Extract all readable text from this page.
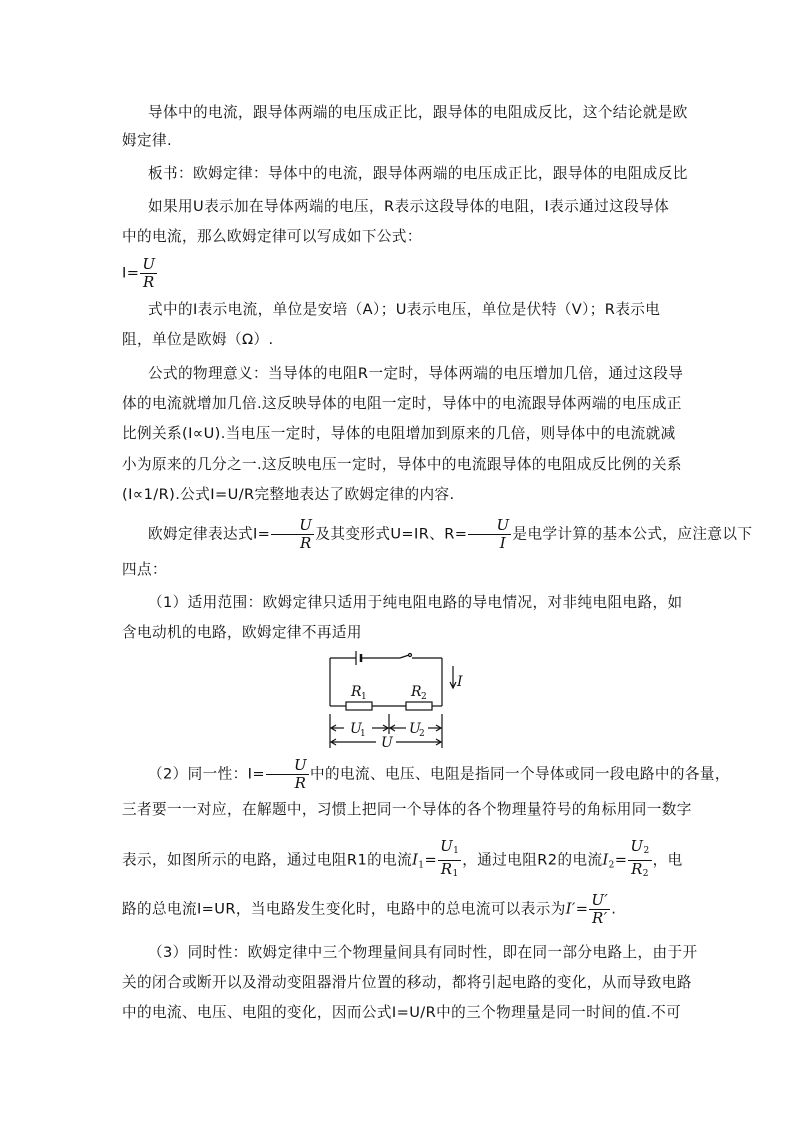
导体中的电流，跟导体两端的电压成正比，跟导体的电阻成反比，这个结论就是欧
姆定律.
板书：欧姆定律：导体中的电流，跟导体两端的电压成正比，跟导体的电阻成反比
如果用U表示加在导体两端的电压，R表示这段导体的电阻，I表示通过这段导体
中的电流，那么欧姆定律可以写成如下公式：
$I= \frac{U}{R}$
式中的I表示电流，单位是安培（A）；U表示电压，单位是伏特（V）；R表示电
阻，单位是欧姆（Ω）.
公式的物理意义：当导体的电阻R一定时，导体两端的电压增加几倍，通过这段导
体的电流就增加几倍.这反映导体的电阻一定时，导体中的电流跟导体两端的电压成正
比例关系(I∝U).当电压一定时，导体的电阻增加到原来的几倍，则导体中的电流就减
小为原来的几分之一.这反映电压一定时，导体中的电流跟导体的电阻成反比例的关系
(I∝1/R).公式I=U/R完整地表达了欧姆定律的内容.
欧姆定律表达式$I= \frac{U}{R}$ 及其变形式U=IR、$R= \frac{U}{I}$ 是电学计算的基本公式，应注意以下
四点：
（1）适用范围：欧姆定律只适用于纯电阻电路的导电情况，对非纯电阻电路，如
含电动机的电路，欧姆定律不再适用
I
R 1	R 2
U
1	U
2
U
（2）同一性：$I= \frac{U}{R}$ 中的电流、电压、电阻是指同一个导体或同一段电路中的各量，
三者要一一对应，在解题中，习惯上把同一个导体的各个物理量符号的角标用同一数字
表示，如图所示的电路，通过电阻R1的电流$I_1= \frac{U_1}{R_1}$ ，通过电阻R2的电流$I_2= \frac{U_2}{R_2}$ ，电
路的总电流I=UR，当电路发生变化时，电路中的总电流可以表示为$I'= \frac{U'}{R'}$ .
（3）同时性：欧姆定律中三个物理量间具有同时性，即在同一部分电路上，由于开
关的闭合或断开以及滑动变阻器滑片位置的移动，都将引起电路的变化，从而导致电路
中的电流、电压、电阻的变化，因而公式I=U/R中的三个物理量是同一时间的值.不可
